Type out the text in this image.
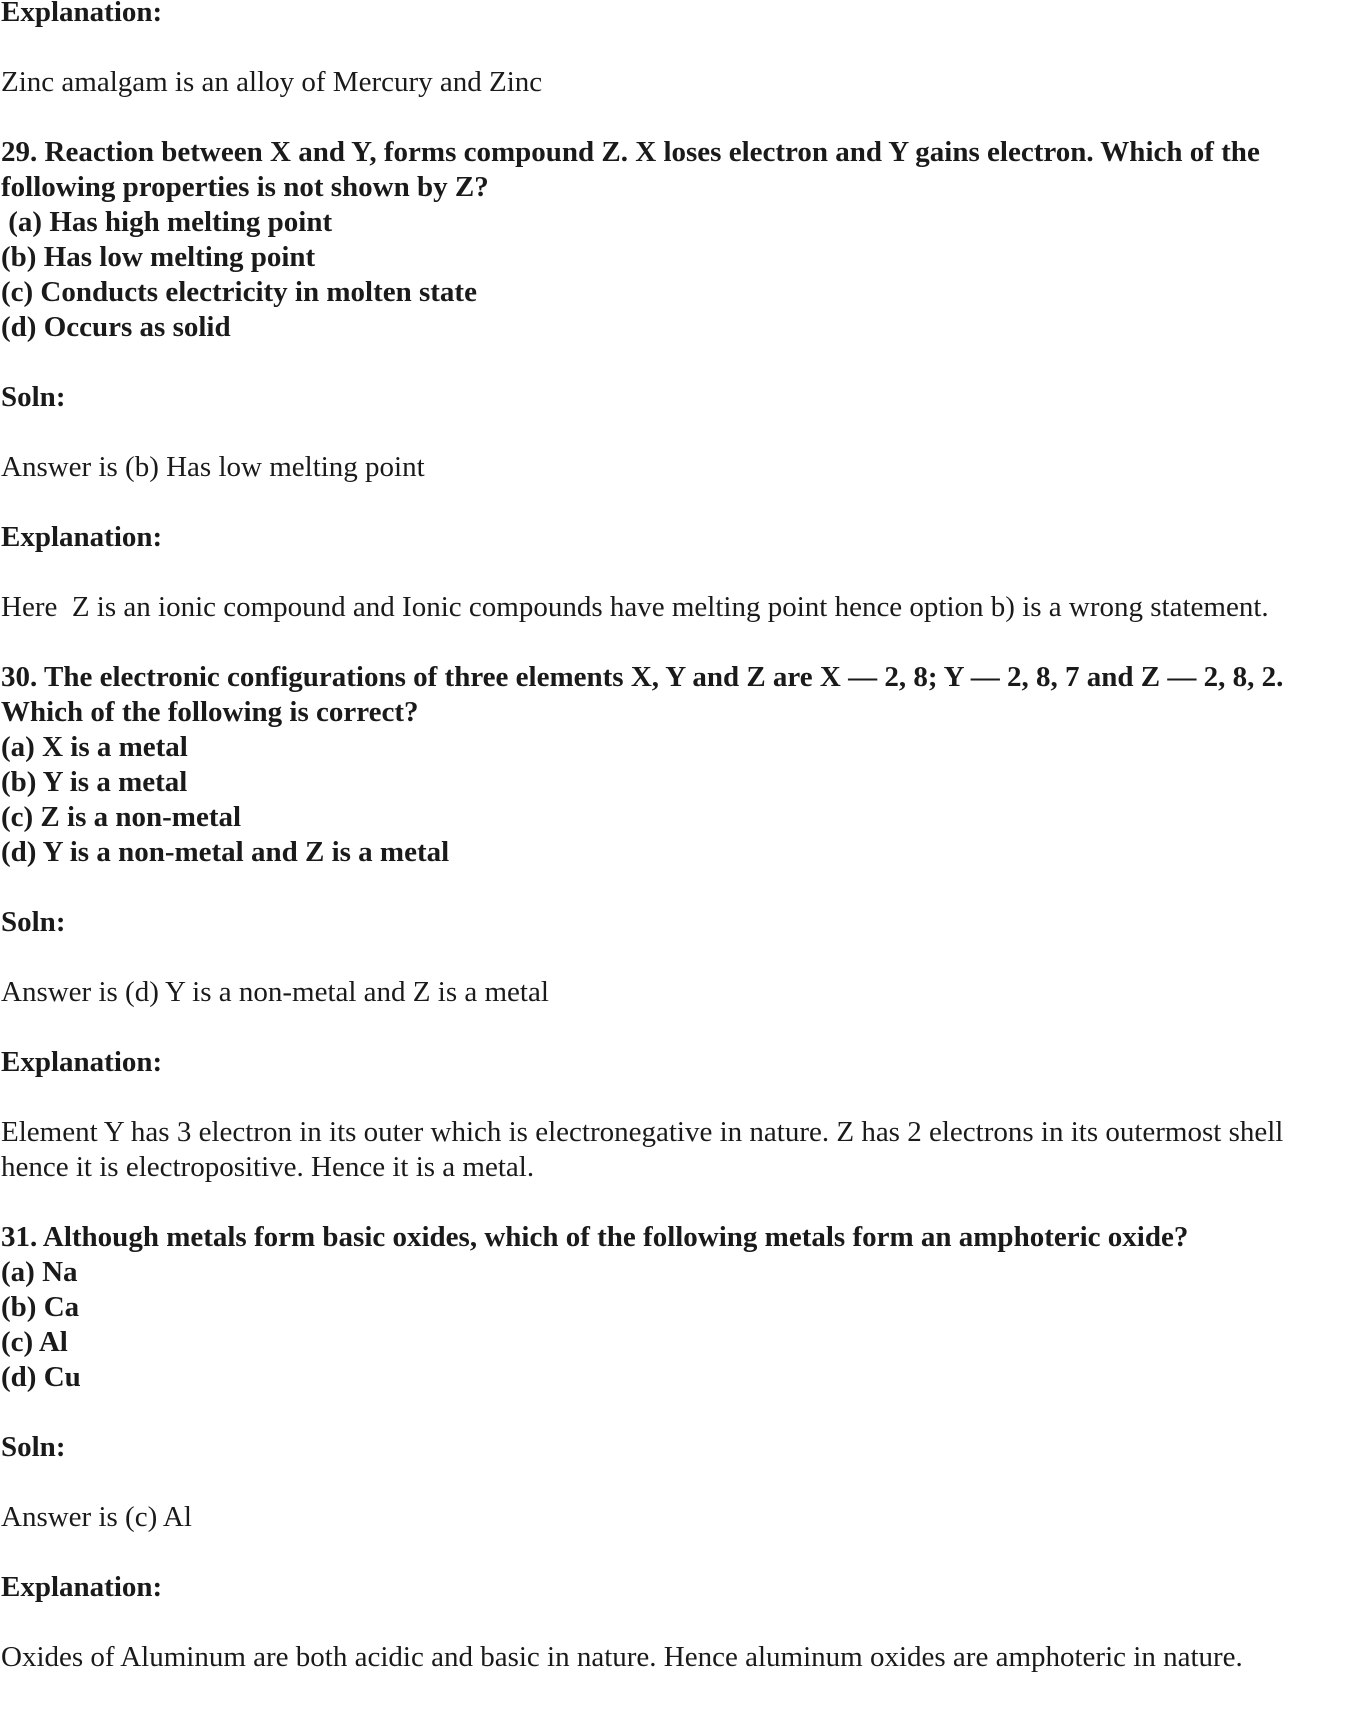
Explanation:
Zinc amalgam is an alloy of Mercury and Zinc
29. Reaction between X and Y, forms compound Z. X loses electron and Y gains electron. Which of the following properties is not shown by Z?
(a) Has high melting point
(b) Has low melting point
(c) Conducts electricity in molten state
(d) Occurs as solid
Soln:
Answer is (b) Has low melting point
Explanation:
Here  Z is an ionic compound and Ionic compounds have melting point hence option b) is a wrong statement.
30. The electronic configurations of three elements X, Y and Z are X — 2, 8; Y — 2, 8, 7 and Z — 2, 8, 2. Which of the following is correct?
(a) X is a metal
(b) Y is a metal
(c) Z is a non-metal
(d) Y is a non-metal and Z is a metal
Soln:
Answer is (d) Y is a non-metal and Z is a metal
Explanation:
Element Y has 3 electron in its outer which is electronegative in nature. Z has 2 electrons in its outermost shell hence it is electropositive. Hence it is a metal.
31. Although metals form basic oxides, which of the following metals form an amphoteric oxide?
(a) Na
(b) Ca
(c) Al
(d) Cu
Soln:
Answer is (c) Al
Explanation:
Oxides of Aluminum are both acidic and basic in nature. Hence aluminum oxides are amphoteric in nature.
